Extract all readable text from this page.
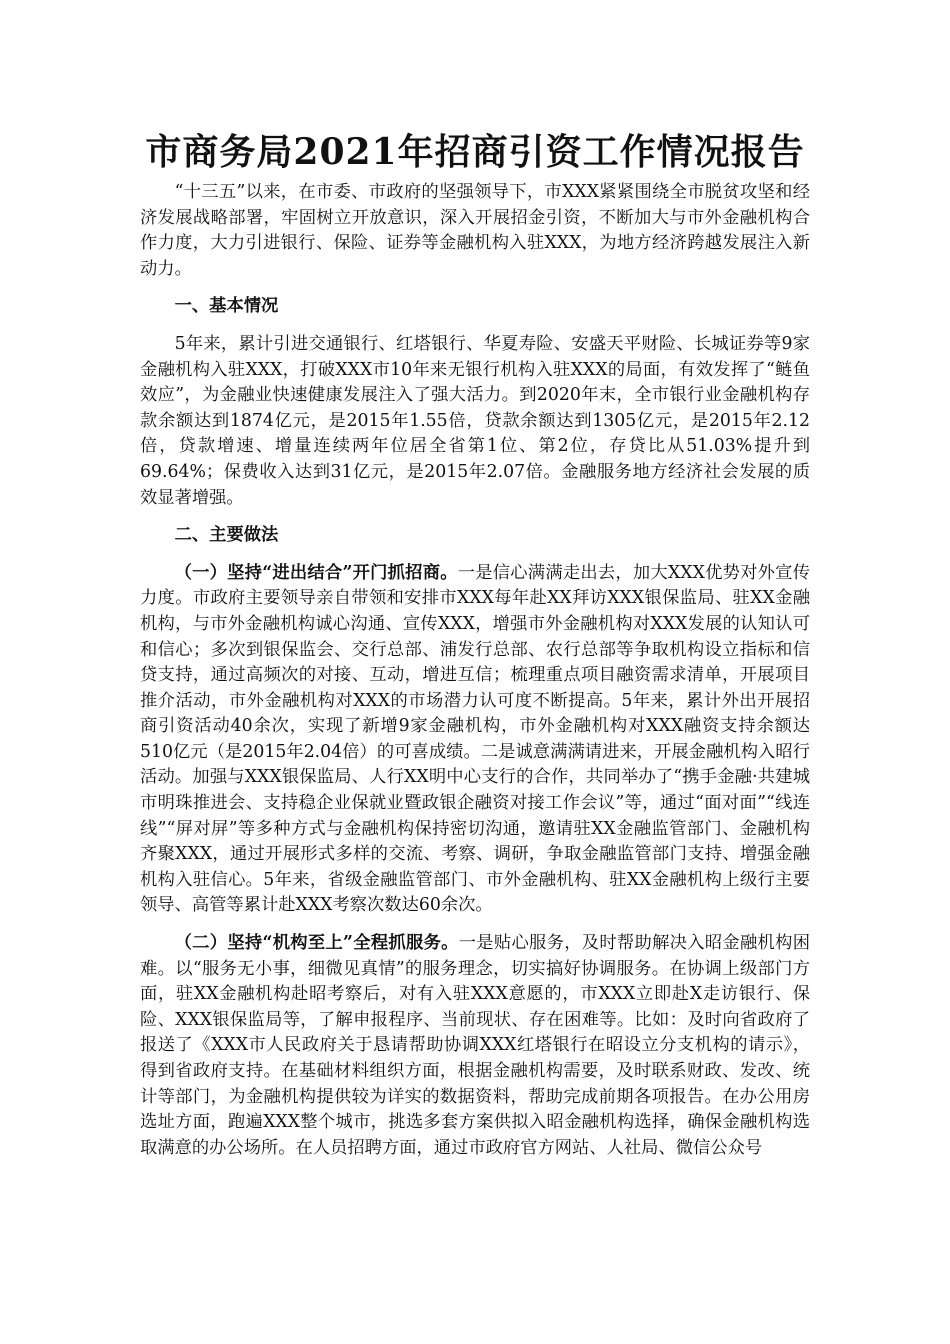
市商务局2021年招商引资工作情况报告

“十三五”以来，在市委、市政府的坚强领导下，市XXX紧紧围绕全市脱贫攻坚和经济发展战略部署，牢固树立开放意识，深入开展招金引资，不断加大与市外金融机构合作力度，大力引进银行、保险、证券等金融机构入驻XXX，为地方经济跨越发展注入新动力。

一、基本情况

5年来，累计引进交通银行、红塔银行、华夏寿险、安盛天平财险、长城证券等9家金融机构入驻XXX，打破XXX市10年来无银行机构入驻XXX的局面，有效发挥了“鲢鱼效应”，为金融业快速健康发展注入了强大活力。到2020年末，全市银行业金融机构存款余额达到1874亿元，是2015年1.55倍，贷款余额达到1305亿元，是2015年2.12倍，贷款增速、增量连续两年位居全省第1位、第2位，存贷比从51.03%提升到69.64%；保费收入达到31亿元，是2015年2.07倍。金融服务地方经济社会发展的质效显著增强。

二、主要做法

（一）坚持“进出结合”开门抓招商。一是信心满满走出去，加大XXX优势对外宣传力度。市政府主要领导亲自带领和安排市XXX每年赴XX拜访XXX银保监局、驻XX金融机构，与市外金融机构诚心沟通、宣传XXX，增强市外金融机构对XXX发展的认知认可和信心；多次到银保监会、交行总部、浦发行总部、农行总部等争取机构设立指标和信贷支持，通过高频次的对接、互动，增进互信；梳理重点项目融资需求清单，开展项目推介活动，市外金融机构对XXX的市场潜力认可度不断提高。5年来，累计外出开展招商引资活动40余次，实现了新增9家金融机构，市外金融机构对XXX融资支持余额达510亿元（是2015年2.04倍）的可喜成绩。二是诚意满满请进来，开展金融机构入昭行活动。加强与XXX银保监局、人行XX明中心支行的合作，共同举办了“携手金融·共建城市明珠推进会、支持稳企业保就业暨政银企融资对接工作会议”等，通过“面对面”“线连线”“屏对屏”等多种方式与金融机构保持密切沟通，邀请驻XX金融监管部门、金融机构齐聚XXX，通过开展形式多样的交流、考察、调研，争取金融监管部门支持、增强金融机构入驻信心。5年来，省级金融监管部门、市外金融机构、驻XX金融机构上级行主要领导、高管等累计赴XXX考察次数达60余次。

（二）坚持“机构至上”全程抓服务。一是贴心服务，及时帮助解决入昭金融机构困难。以“服务无小事，细微见真情”的服务理念，切实搞好协调服务。在协调上级部门方面，驻XX金融机构赴昭考察后，对有入驻XXX意愿的，市XXX立即赴X走访银行、保险、XXX银保监局等，了解申报程序、当前现状、存在困难等。比如：及时向省政府了报送了《XXX市人民政府关于恳请帮助协调XXX红塔银行在昭设立分支机构的请示》，得到省政府支持。在基础材料组织方面，根据金融机构需要，及时联系财政、发改、统计等部门，为金融机构提供较为详实的数据资料，帮助完成前期各项报告。在办公用房选址方面，跑遍XXX整个城市，挑选多套方案供拟入昭金融机构选择，确保金融机构选取满意的办公场所。在人员招聘方面，通过市政府官方网站、人社局、微信公众号
